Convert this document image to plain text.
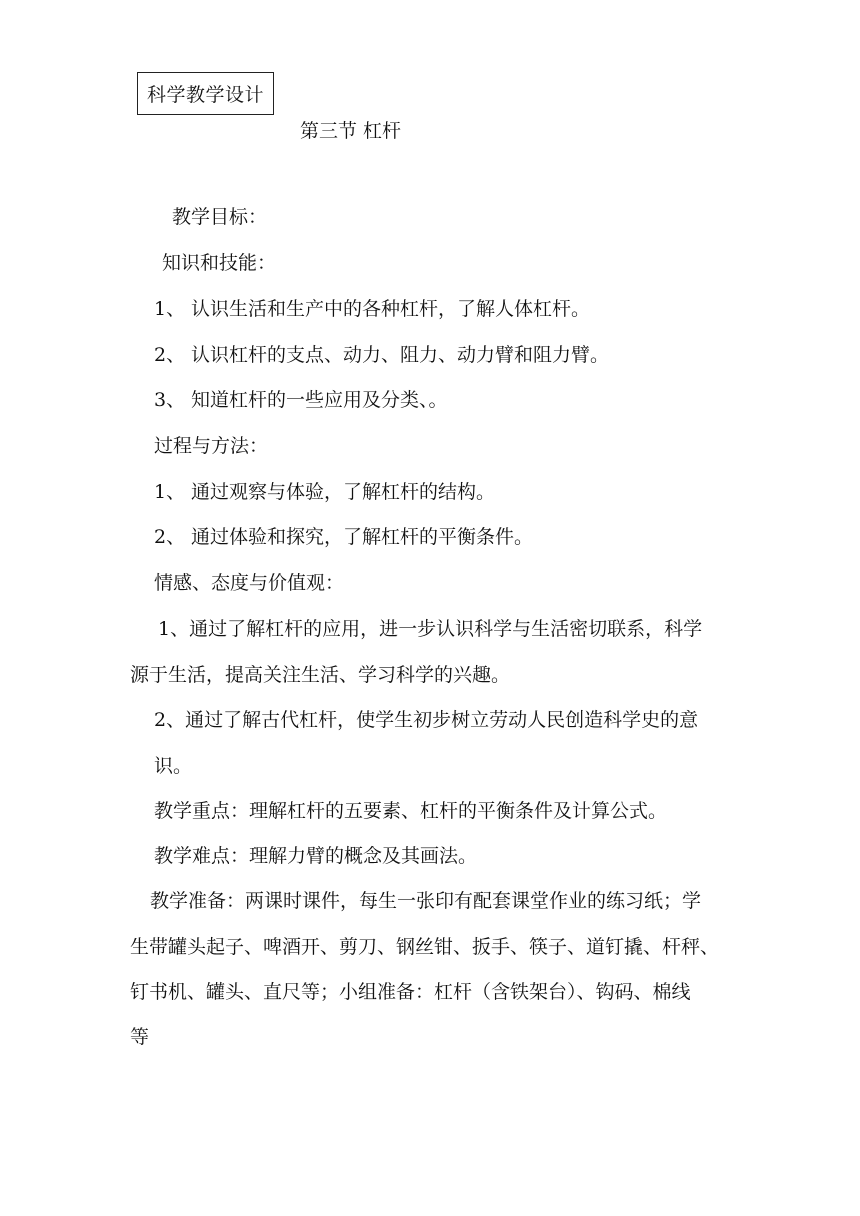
科学教学设计
第三节 杠杆
教学目标：
知识和技能：
1、 认识生活和生产中的各种杠杆，了解人体杠杆。
2、 认识杠杆的支点、动力、阻力、动力臂和阻力臂。
3、 知道杠杆的一些应用及分类、。
过程与方法：
1、 通过观察与体验，了解杠杆的结构。
2、 通过体验和探究，了解杠杆的平衡条件。
情感、态度与价值观：
1、通过了解杠杆的应用，进一步认识科学与生活密切联系，科学
源于生活，提高关注生活、学习科学的兴趣。
2、通过了解古代杠杆，使学生初步树立劳动人民创造科学史的意
识。
教学重点：理解杠杆的五要素、杠杆的平衡条件及计算公式。
教学难点：理解力臂的概念及其画法。
教学准备：两课时课件，每生一张印有配套课堂作业的练习纸；学
生带罐头起子、啤酒开、剪刀、钢丝钳、扳手、筷子、道钉撬、杆秤、
钉书机、罐头、直尺等；小组准备：杠杆（含铁架台）、钩码、棉线
等
